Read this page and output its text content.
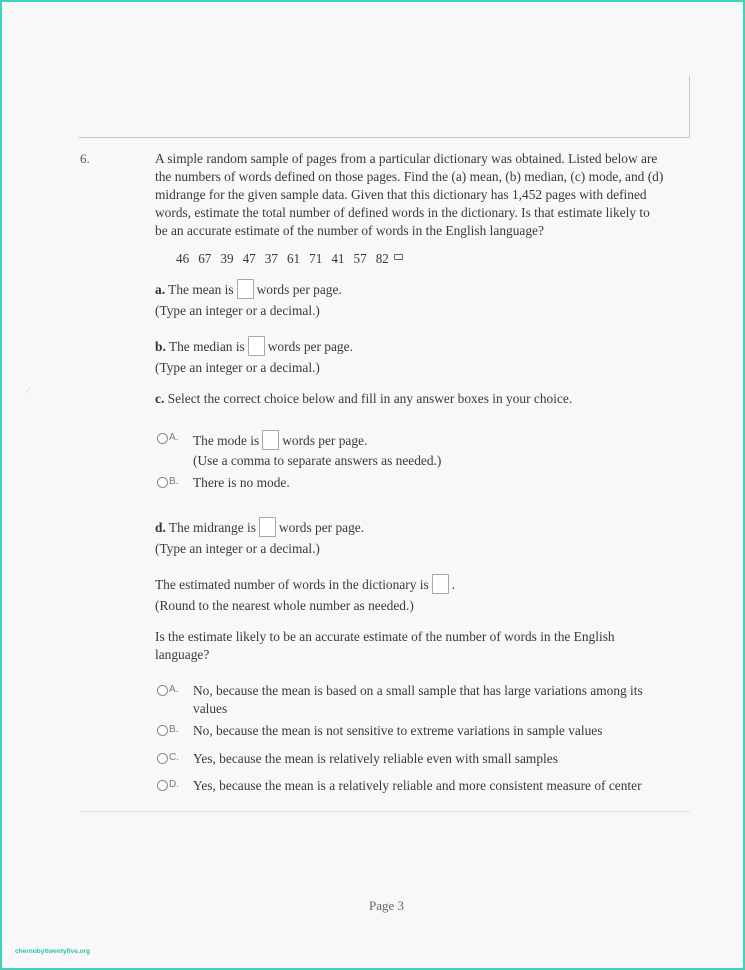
✓
6.	A simple random sample of pages from a particular dictionary was obtained. Listed below are
the numbers of words defined on those pages. Find the (a) mean, (b) median, (c) mode, and (d)
midrange for the given sample data. Given that this dictionary has 1,452 pages with defined
words, estimate the total number of defined words in the dictionary. Is that estimate likely to
be an accurate estimate of the number of words in the English language?
46 67 39 47 37 61 71 41 57 82
a. The mean is words per page.
(Type an integer or a decimal.)
b. The median is words per page.
(Type an integer or a decimal.)
c. Select the correct choice below and fill in any answer boxes in your choice.
A.	The mode is words per page.
(Use a comma to separate answers as needed.)
B.	There is no mode.
d. The midrange is words per page.
(Type an integer or a decimal.)
The estimated number of words in the dictionary is .
(Round to the nearest whole number as needed.)
Is the estimate likely to be an accurate estimate of the number of words in the English
language?
A.	No, because the mean is based on a small sample that has large variations among its
values
B.	No, because the mean is not sensitive to extreme variations in sample values
C.	Yes, because the mean is relatively reliable even with small samples
D.	Yes, because the mean is a relatively reliable and more consistent measure of center
Page 3
chernobyltwentyfive.org
